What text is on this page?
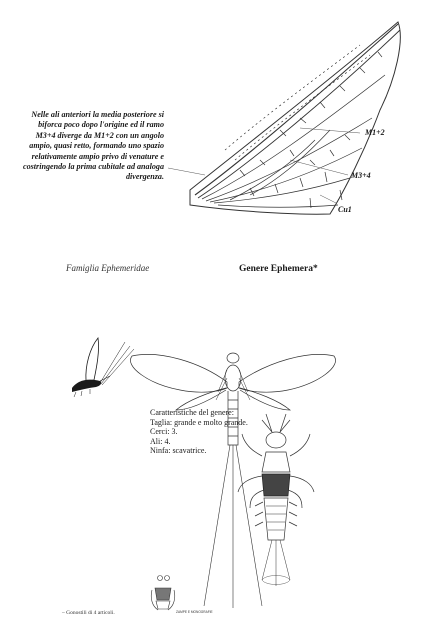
Nelle ali anteriori la media posteriore si biforca poco dopo l'origine ed il ramo M3+4 diverge da M1+2 con un angolo ampio, quasi retto, formando uno spazio relativamente ampio privo di venature e costringendo la prima cubitale ad analoga divergenza.

M1+2
M3+4
Cu1
Famiglia Ephemeridae	Genere Ephemera*

Caratteristiche del genere:

Taglia: grande e molto grande.

Cerci: 3.

Ali: 4.

Ninfa: scavatrice.

ZAMPE E MONOGRAFIE
– Gonostili di 4 articoli.
